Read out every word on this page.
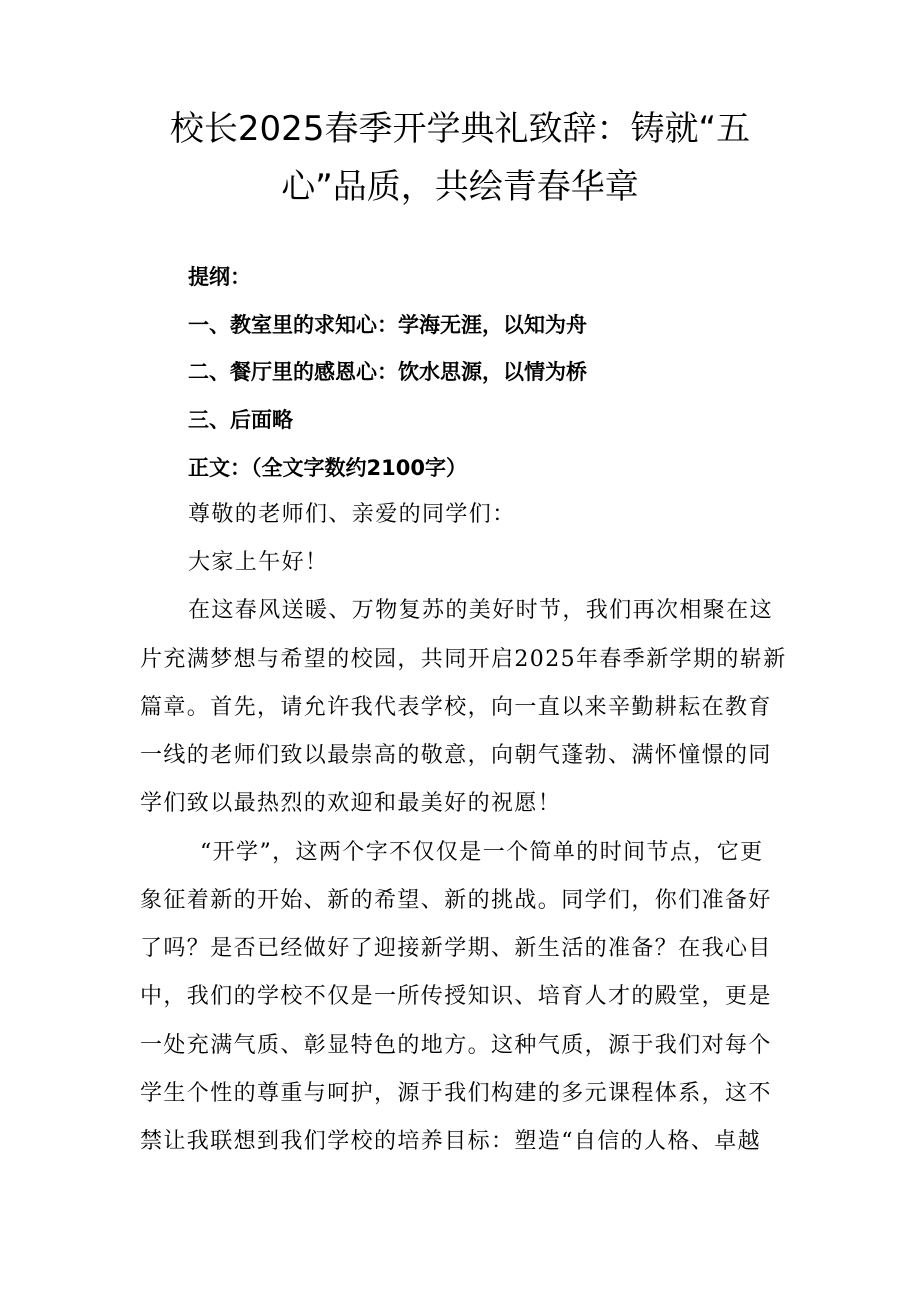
校长2025春季开学典礼致辞：铸就“五心”品质，共绘青春华章
提纲：
一、教室里的求知心：学海无涯，以知为舟
二、餐厅里的感恩心：饮水思源，以情为桥
三、后面略
正文：（全文字数约2100字）
尊敬的老师们、亲爱的同学们：
大家上午好！
在这春风送暖、万物复苏的美好时节，我们再次相聚在这
片充满梦想与希望的校园，共同开启2025年春季新学期的崭新
篇章。首先，请允许我代表学校，向一直以来辛勤耕耘在教育
一线的老师们致以最崇高的敬意，向朝气蓬勃、满怀憧憬的同
学们致以最热烈的欢迎和最美好的祝愿！
“开学”，这两个字不仅仅是一个简单的时间节点，它更
象征着新的开始、新的希望、新的挑战。同学们，你们准备好
了吗？是否已经做好了迎接新学期、新生活的准备？在我心目
中，我们的学校不仅是一所传授知识、培育人才的殿堂，更是
一处充满气质、彰显特色的地方。这种气质，源于我们对每个
学生个性的尊重与呵护，源于我们构建的多元课程体系，这不
禁让我联想到我们学校的培养目标：塑造“自信的人格、卓越
